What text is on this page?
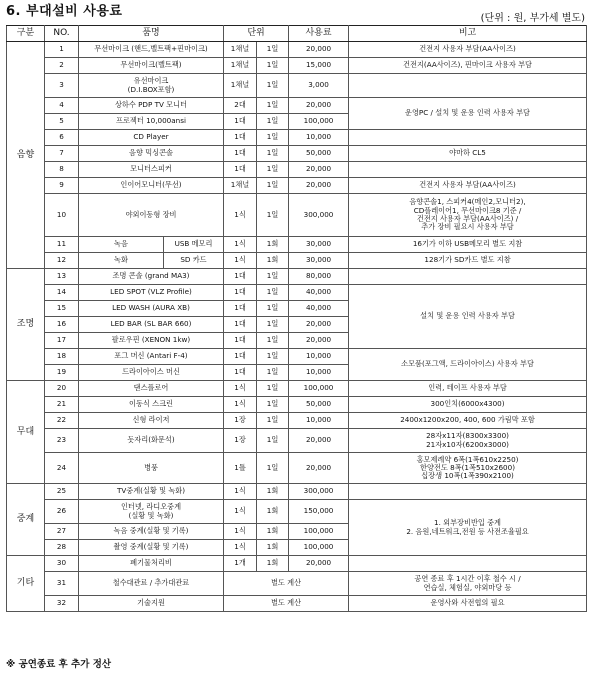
6. 부대설비 사용료	(단위 : 원, 부가세 별도)
구분	NO.	품명		단위		사용료	비고
음향	1	무선마이크 (핸드,벨트팩+핀마이크)		1채널	1일	20,000	건전지 사용자 부담(AA사이즈)
	2	무선마이크(벨트팩)		1채널	1일	15,000	건전지(AA사이즈), 핀마이크 사용자 부담
	3	유선마이크
(D.I.BOX포함)		1채널	1일	3,000	
	4	상하수 PDP TV 모니터		2대	1일	20,000	운영PC / 설치 및 운용 인력 사용자 부담
	5	프로젝터 10,000ansi		1대	1일	100,000	
	6	CD Player		1대	1일	10,000	
	7	음향 믹싱콘솔		1대	1일	50,000	야마하 CL5
	8	모니터스피커		1대	1일	20,000	
	9	인이어모니터(무선)		1채널	1일	20,000	건전지 사용자 부담(AA사이즈)
	10	야외이동형 장비		1식	1일	300,000	음향콘솔1, 스피커4(메인2,모니터2),
CD플레이어1, 무선마이크8 기준 /
건전지 사용자 부담(AA사이즈) /
추가 장비 필요시 사용자 부담
	11	녹음	USB 메모리	1식	1회	30,000	16기가 이하 USB메모리 별도 지참
	12	녹화	SD 카드	1식	1회	30,000	128기가 SD카드 별도 지참
조명	13	조명 콘솔 (grand MA3)		1대	1일	80,000	
	14	LED SPOT (VLZ Profile)		1대	1일	40,000	설치 및 운용 인력 사용자 부담
	15	LED WASH (AURA XB)		1대	1일	40,000	
	16	LED BAR (SL BAR 660)		1대	1일	20,000	
	17	팔로우핀 (XENON 1kw)		1대	1일	20,000	
	18	포그 머신 (Antari F-4)		1대	1일	10,000	소모품(포그액, 드라이아이스) 사용자 부담
	19	드라이아이스 머신		1대	1일	10,000	
무대	20	댄스플로어		1식	1일	100,000	인력, 테이프 사용자 부담
	21	이동식 스크린		1식	1일	50,000	300인치(6000x4300)
	22	신형 라이저		1장	1일	10,000	2400x1200x200, 400, 600 가림막 포함
	23	돗자리(화문석)		1장	1일	20,000	28자x11자(8300x3300)
21자x10자(6200x3000)
	24	병풍		1틀	1일	20,000	홍모제례약 6폭(1폭610x2250)
한양전도 8폭(1폭510x2600)
십장생 10폭(1폭390x2100)
중계	25	TV중계(실황 및 녹화)		1식	1회	300,000	
	26	인터넷, 라디오중계
(실황 및 녹화)		1식	1회	150,000	1. 외부장비반입 중계
2. 음원,네트워크,전원 등 사전조율필요
	27	녹음 중계(실황 및 기록)		1식	1회	100,000	
	28	촬영 중계(실황 및 기록)		1식	1회	100,000	
기타	30	폐기물처리비		1개	1회	20,000	
	31	철수대관료 / 추가대관료		별도 계산			공연 종료 후 1시간 이후 철수 시 /
연습실, 체험실, 야외마당 등
	32	기술지원		별도 계산			운영사와 사전협의 필요
※ 공연종료 후 추가 정산
